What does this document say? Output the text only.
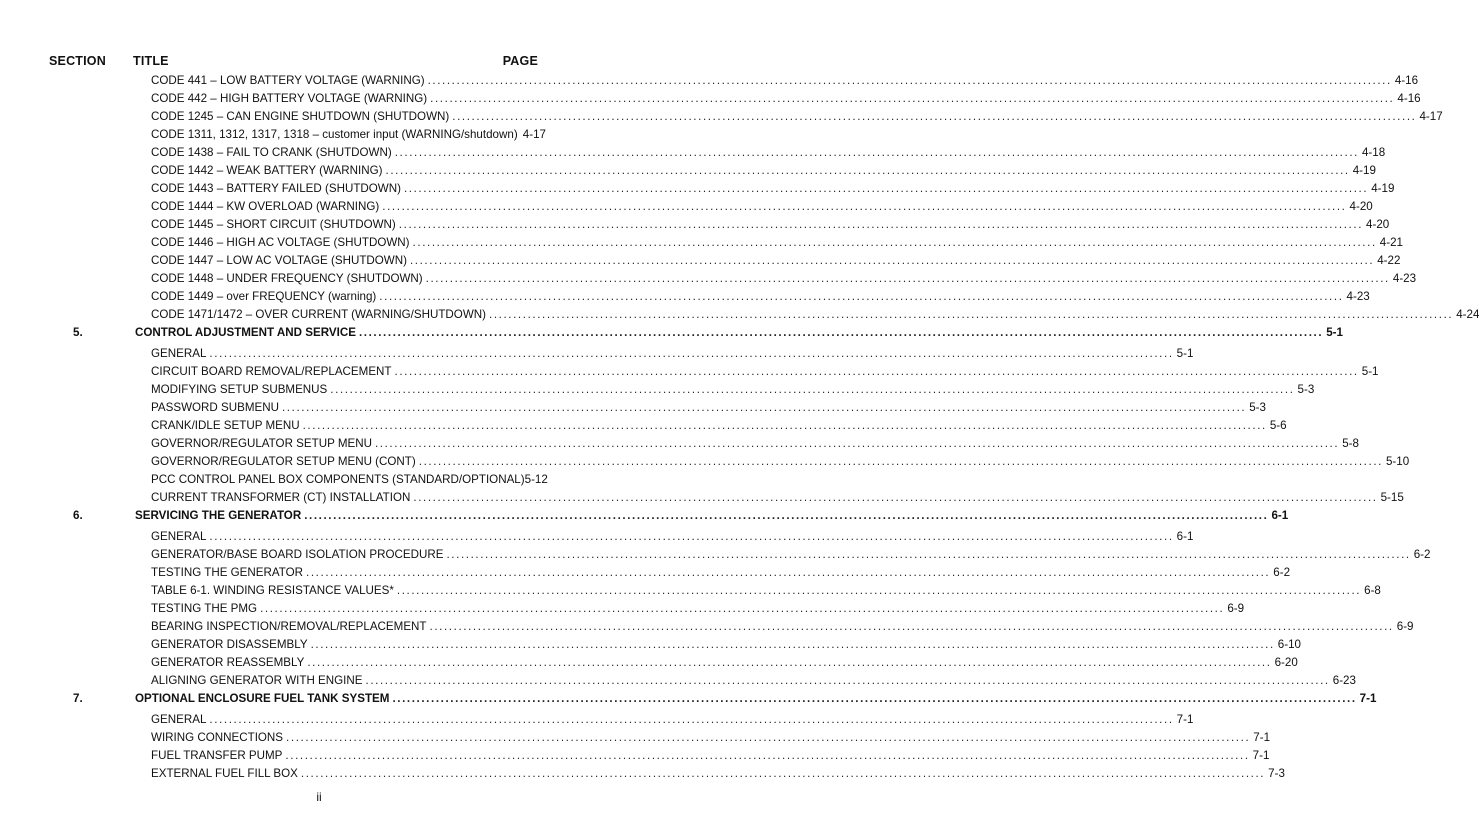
SECTION TITLE	PAGE
CODE 441 – LOW BATTERY VOLTAGE (WARNING) ........................................................................................................................................................................................................ 4-16
CODE 442 – HIGH BATTERY VOLTAGE (WARNING) ........................................................................................................................................................................................................ 4-16
CODE 1245 – CAN ENGINE SHUTDOWN (SHUTDOWN) ........................................................................................................................................................................................................ 4-17
CODE 1311, 1312, 1317, 1318 – customer input (WARNING/shutdown) 4-17
CODE 1438 – FAIL TO CRANK (SHUTDOWN) ........................................................................................................................................................................................................ 4-18
CODE 1442 – WEAK BATTERY (WARNING) ........................................................................................................................................................................................................ 4-19
CODE 1443 – BATTERY FAILED (SHUTDOWN) ........................................................................................................................................................................................................ 4-19
CODE 1444 – KW OVERLOAD (WARNING) ........................................................................................................................................................................................................ 4-20
CODE 1445 – SHORT CIRCUIT (SHUTDOWN) ........................................................................................................................................................................................................ 4-20
CODE 1446 – HIGH AC VOLTAGE (SHUTDOWN) ........................................................................................................................................................................................................ 4-21
CODE 1447 – LOW AC VOLTAGE (SHUTDOWN) ........................................................................................................................................................................................................ 4-22
CODE 1448 – UNDER FREQUENCY (SHUTDOWN) ........................................................................................................................................................................................................ 4-23
CODE 1449 – over FREQUENCY (warning) ........................................................................................................................................................................................................ 4-23
CODE 1471/1472 – OVER CURRENT (WARNING/SHUTDOWN) ........................................................................................................................................................................................................ 4-24
5.	CONTROL ADJUSTMENT AND SERVICE ........................................................................................................................................................................................................ 5-1
GENERAL ........................................................................................................................................................................................................ 5-1
CIRCUIT BOARD REMOVAL/REPLACEMENT ........................................................................................................................................................................................................ 5-1
MODIFYING SETUP SUBMENUS ........................................................................................................................................................................................................ 5-3
PASSWORD SUBMENU ........................................................................................................................................................................................................ 5-3
CRANK/IDLE SETUP MENU ........................................................................................................................................................................................................ 5-6
GOVERNOR/REGULATOR SETUP MENU ........................................................................................................................................................................................................ 5-8
GOVERNOR/REGULATOR SETUP MENU (CONT) ........................................................................................................................................................................................................ 5-10
PCC CONTROL PANEL BOX COMPONENTS (STANDARD/OPTIONAL) 5-12
CURRENT TRANSFORMER (CT) INSTALLATION ........................................................................................................................................................................................................ 5-15
6.	SERVICING THE GENERATOR ........................................................................................................................................................................................................ 6-1
GENERAL ........................................................................................................................................................................................................ 6-1
GENERATOR/BASE BOARD ISOLATION PROCEDURE ........................................................................................................................................................................................................ 6-2
TESTING THE GENERATOR ........................................................................................................................................................................................................ 6-2
TABLE 6-1. WINDING RESISTANCE VALUES* ........................................................................................................................................................................................................ 6-8
TESTING THE PMG ........................................................................................................................................................................................................ 6-9
BEARING INSPECTION/REMOVAL/REPLACEMENT ........................................................................................................................................................................................................ 6-9
GENERATOR DISASSEMBLY ........................................................................................................................................................................................................ 6-10
GENERATOR REASSEMBLY ........................................................................................................................................................................................................ 6-20
ALIGNING GENERATOR WITH ENGINE ........................................................................................................................................................................................................ 6-23
7.	OPTIONAL ENCLOSURE FUEL TANK SYSTEM ........................................................................................................................................................................................................ 7-1
GENERAL ........................................................................................................................................................................................................ 7-1
WIRING CONNECTIONS ........................................................................................................................................................................................................ 7-1
FUEL TRANSFER PUMP ........................................................................................................................................................................................................ 7-1
EXTERNAL FUEL FILL BOX ........................................................................................................................................................................................................ 7-3
ii
